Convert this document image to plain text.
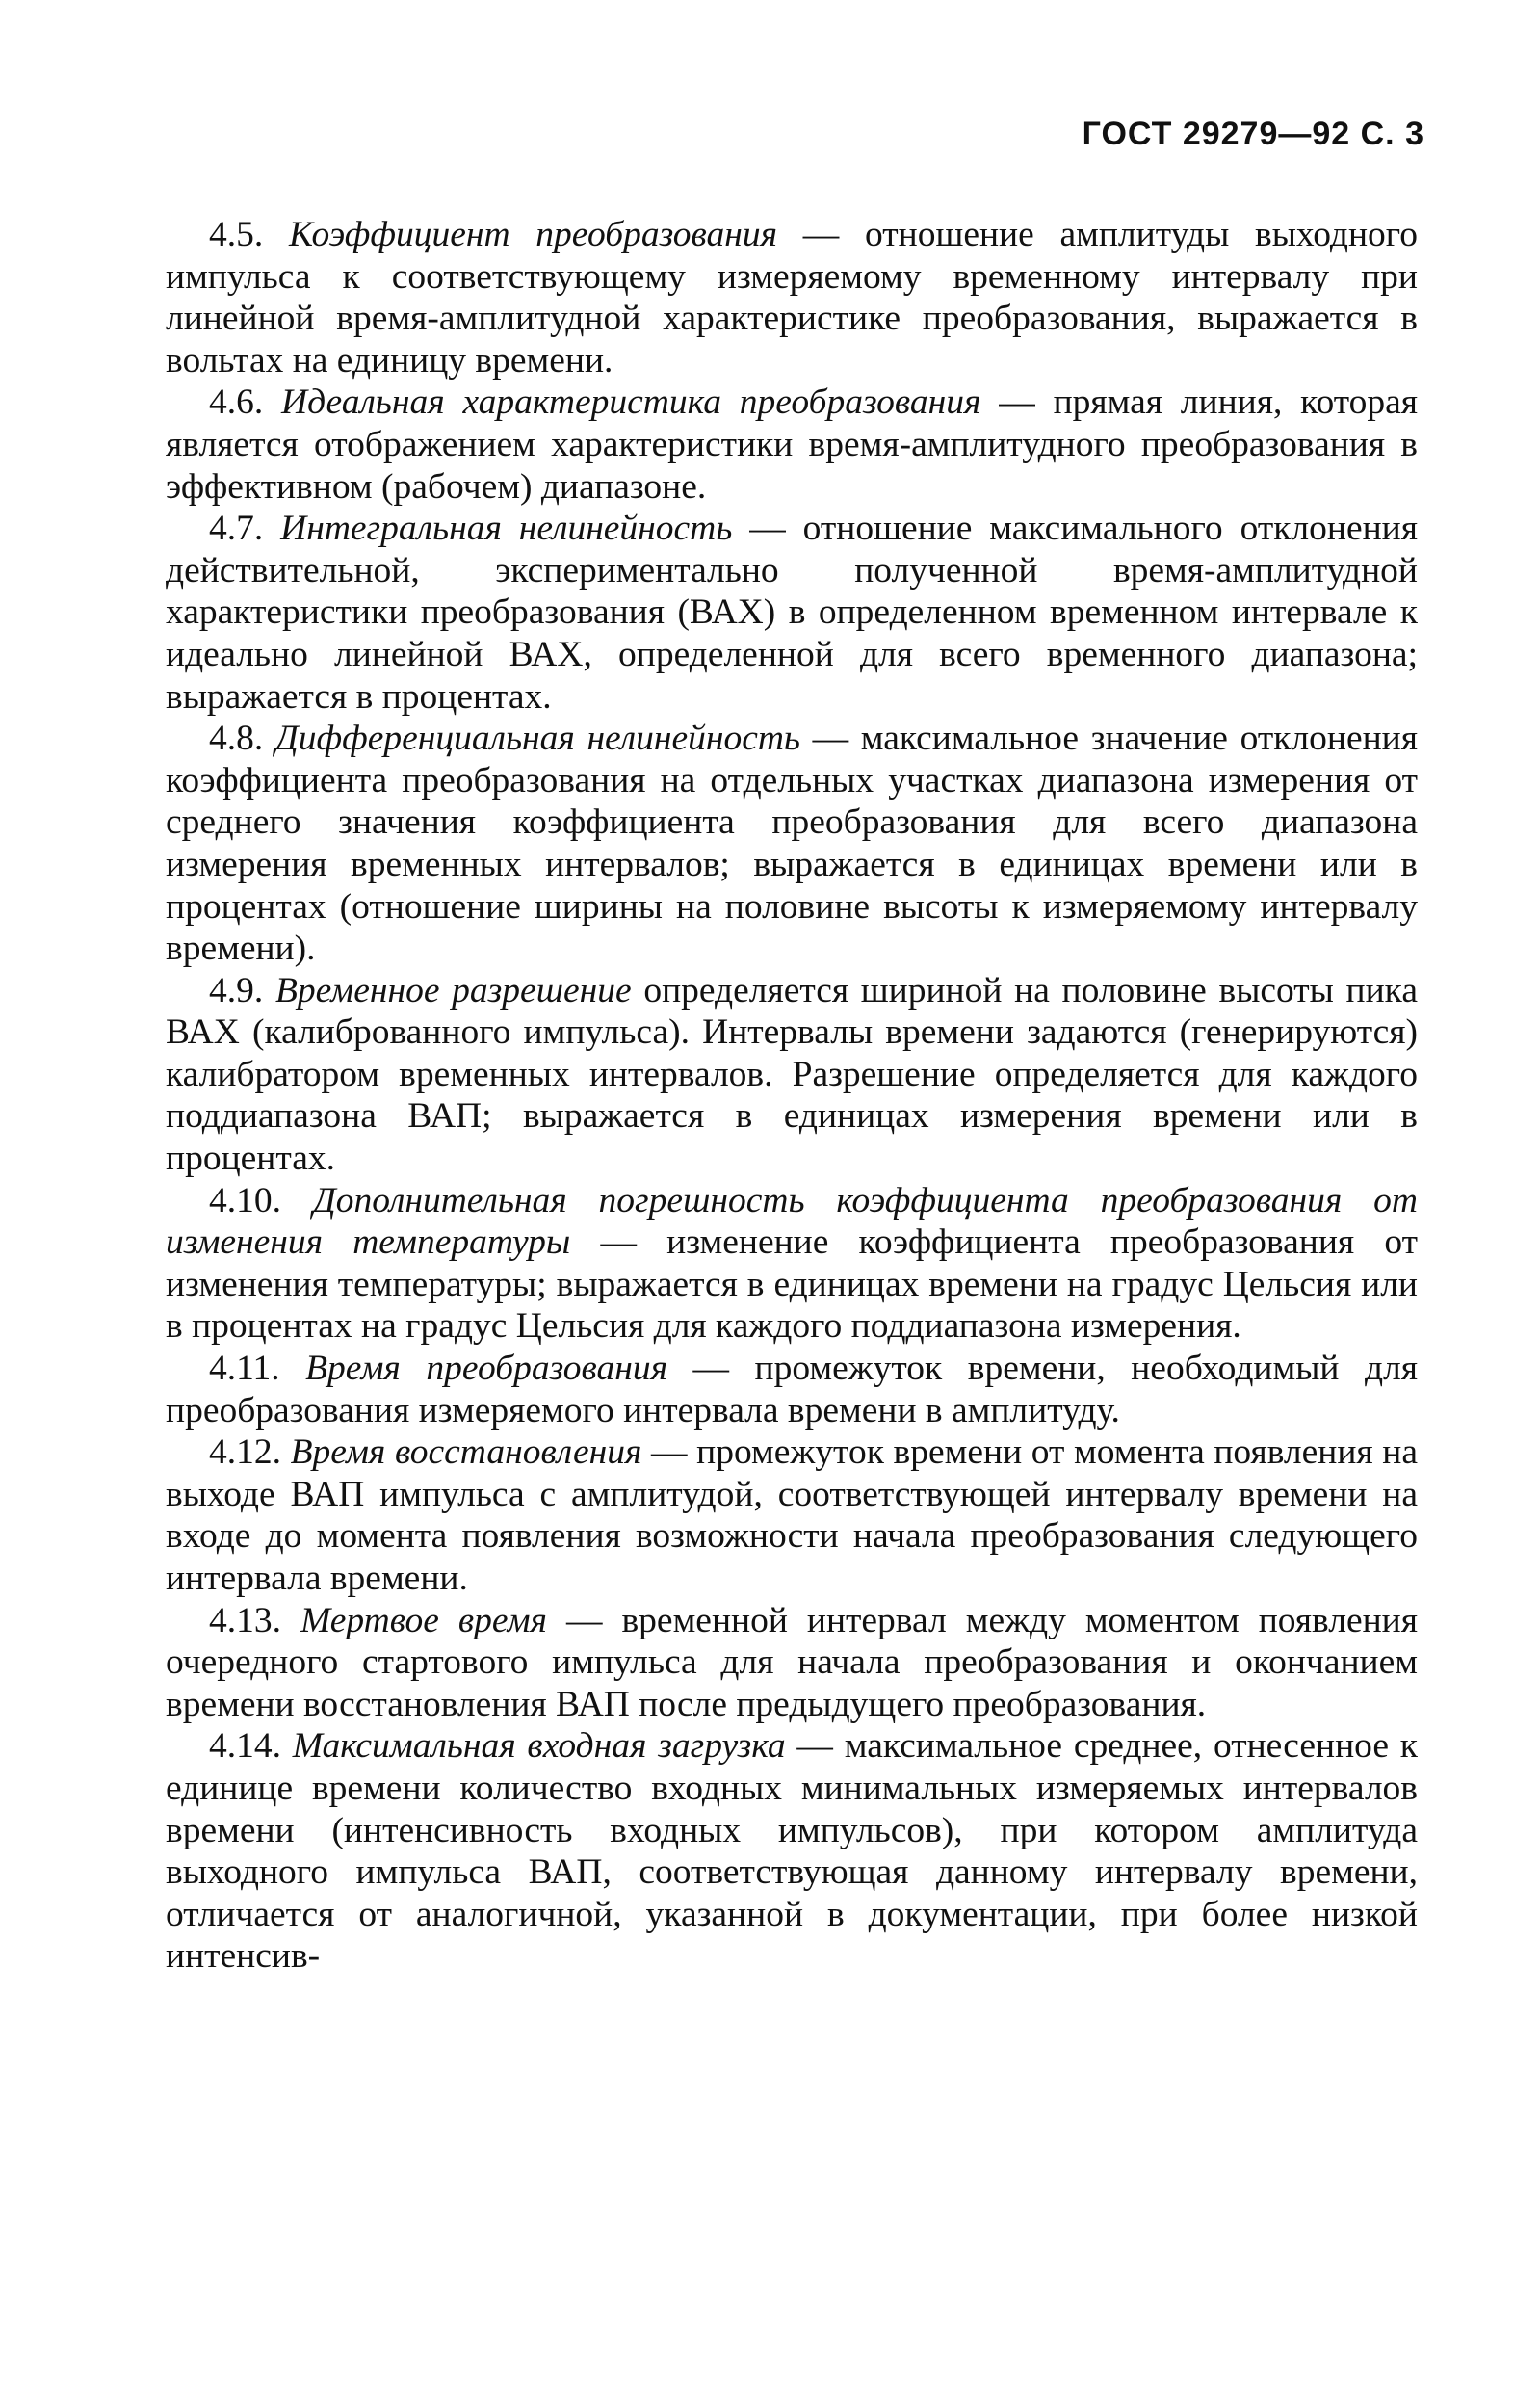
ГОСТ 29279—92 С. 3

4.5. Коэффициент преобразования — отношение амплитуды выходного импульса к соответствующему измеряемому временному интервалу при линейной время-амплитудной характеристике преобразования, выражается в вольтах на единицу времени.

4.6. Идеальная характеристика преобразования — прямая линия, которая является отображением характеристики время-амплитудного преобразования в эффективном (рабочем) диапазоне.

4.7. Интегральная нелинейность — отношение максимального отклонения действительной, экспериментально полученной время-амплитудной характеристики преобразования (ВАХ) в определенном временном интервале к идеально линейной ВАХ, определенной для всего временного диапазона; выражается в процентах.

4.8. Дифференциальная нелинейность — максимальное значение отклонения коэффициента преобразования на отдельных участках диапазона измерения от среднего значения коэффициента преобразования для всего диапазона измерения временных интервалов; выражается в единицах времени или в процентах (отношение ширины на половине высоты к измеряемому интервалу времени).

4.9. Временное разрешение определяется шириной на половине высоты пика ВАХ (калиброванного импульса). Интервалы времени задаются (генерируются) калибратором временных интервалов. Разрешение определяется для каждого поддиапазона ВАП; выражается в единицах измерения времени или в процентах.

4.10. Дополнительная погрешность коэффициента преобразования от изменения температуры — изменение коэффициента преобразования от изменения температуры; выражается в единицах времени на градус Цельсия или в процентах на градус Цельсия для каждого поддиапазона измерения.

4.11. Время преобразования — промежуток времени, необходимый для преобразования измеряемого интервала времени в амплитуду.

4.12. Время восстановления — промежуток времени от момента появления на выходе ВАП импульса с амплитудой, соответствующей интервалу времени на входе до момента появления возможности начала преобразования следующего интервала времени.

4.13. Мертвое время — временной интервал между моментом появления очередного стартового импульса для начала преобразования и окончанием времени восстановления ВАП после предыдущего преобразования.

4.14. Максимальная входная загрузка — максимальное среднее, отнесенное к единице времени количество входных минимальных измеряемых интервалов времени (интенсивность входных импульсов), при котором амплитуда выходного импульса ВАП, соответствующая данному интервалу времени, отличается от аналогичной, указанной в документации, при более низкой интенсив-
